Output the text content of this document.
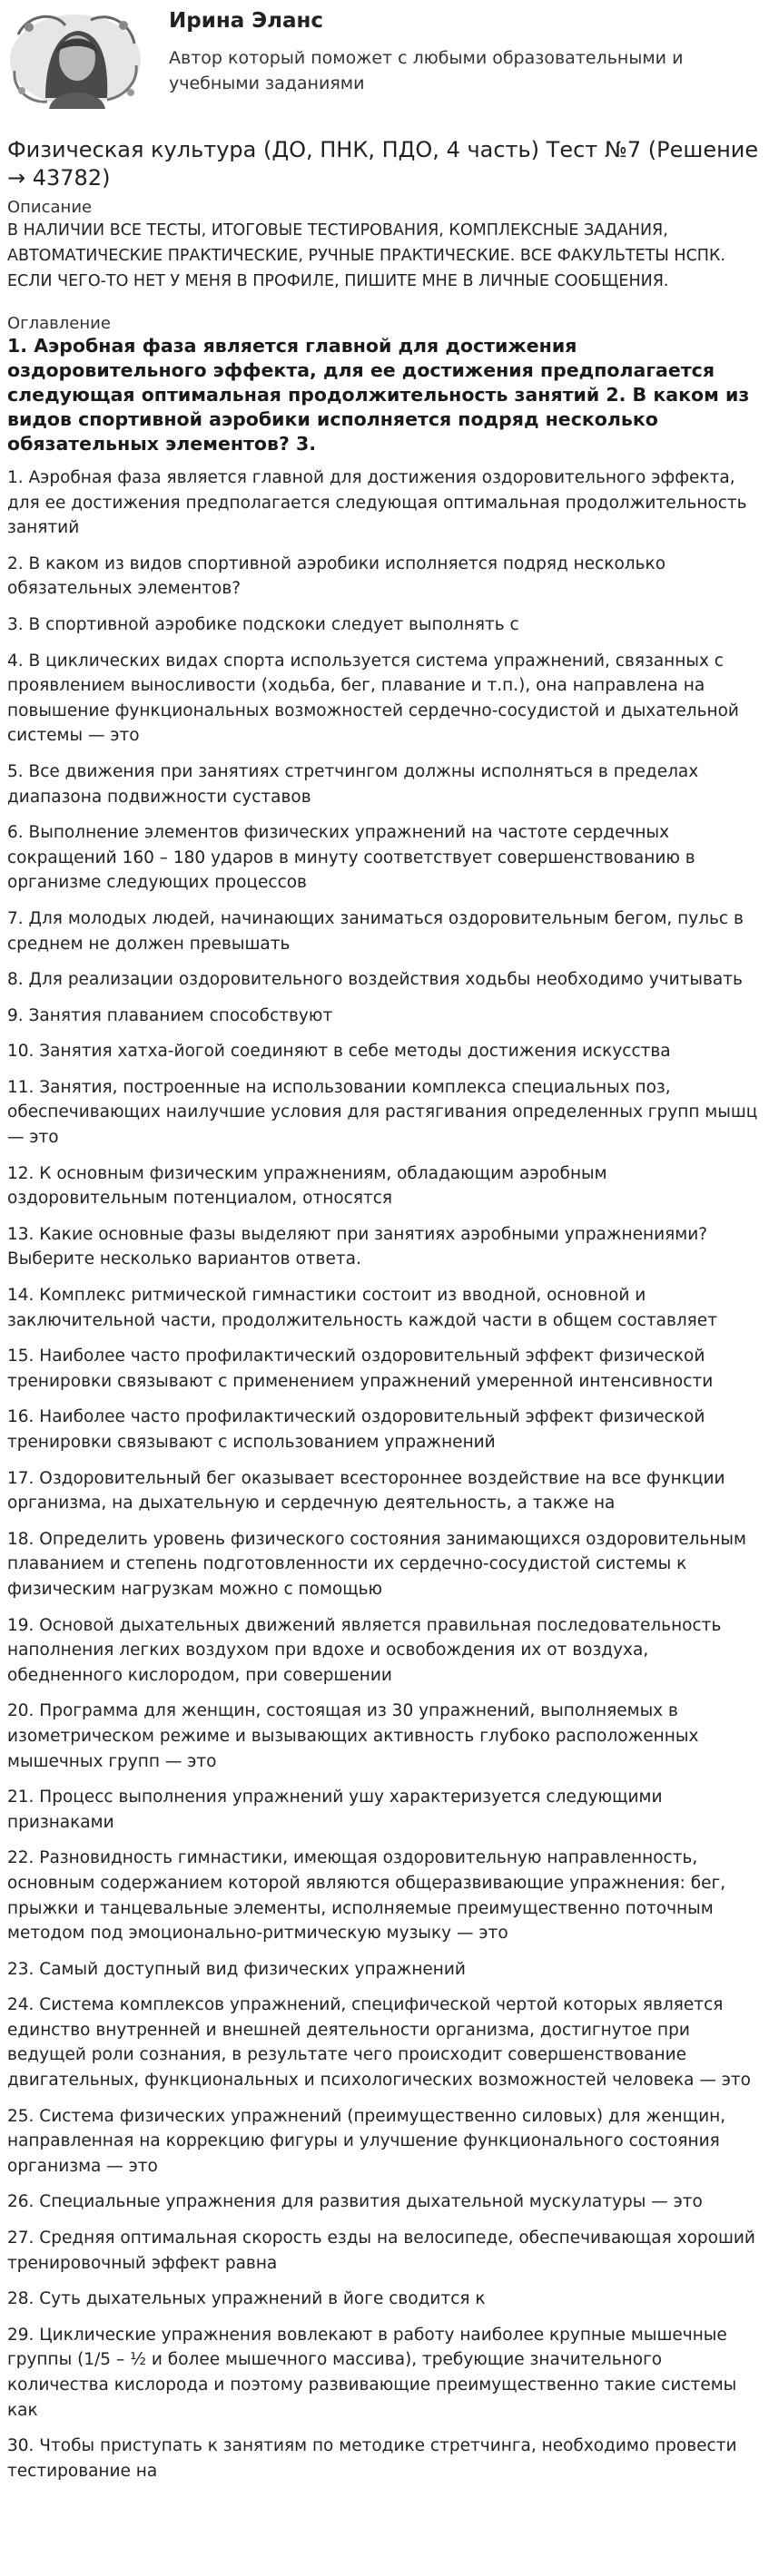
Ирина Эланс

Автор который поможет с любыми образовательными и учебными заданиями

Физическая культура (ДО, ПНК, ПДО, 4 часть) Тест №7 (Решение → 43782)

Описание

В НАЛИЧИИ ВСЕ ТЕСТЫ, ИТОГОВЫЕ ТЕСТИРОВАНИЯ, КОМПЛЕКСНЫЕ ЗАДАНИЯ, АВТОМАТИЧЕСКИЕ ПРАКТИЧЕСКИЕ, РУЧНЫЕ ПРАКТИЧЕСКИЕ. ВСЕ ФАКУЛЬТЕТЫ НСПК. ЕСЛИ ЧЕГО-ТО НЕТ У МЕНЯ В ПРОФИЛЕ, ПИШИТЕ МНЕ В ЛИЧНЫЕ СООБЩЕНИЯ.

Оглавление

1. Аэробная фаза является главной для достижения оздоровительного эффекта, для ее достижения предполагается следующая оптимальная продолжительность занятий 2. В каком из видов спортивной аэробики исполняется подряд несколько обязательных элементов? 3.
1. Аэробная фаза является главной для достижения оздоровительного эффекта, для ее достижения предполагается следующая оптимальная продолжительность занятий
2. В каком из видов спортивной аэробики исполняется подряд несколько обязательных элементов?
3. В спортивной аэробике подскоки следует выполнять с
4. В циклических видах спорта используется система упражнений, связанных с проявлением выносливости (ходьба, бег, плавание и т.п.), она направлена на повышение функциональных возможностей сердечно-сосудистой и дыхательной системы — это
5. Все движения при занятиях стретчингом должны исполняться в пределах диапазона подвижности суставов
6. Выполнение элементов физических упражнений на частоте сердечных сокращений 160 – 180 ударов в минуту соответствует совершенствованию в организме следующих процессов
7. Для молодых людей, начинающих заниматься оздоровительным бегом, пульс в среднем не должен превышать
8. Для реализации оздоровительного воздействия ходьбы необходимо учитывать
9. Занятия плаванием способствуют
10. Занятия хатха-йогой соединяют в себе методы достижения искусства
11. Занятия, построенные на использовании комплекса специальных поз, обеспечивающих наилучшие условия для растягивания определенных групп мышц — это
12. К основным физическим упражнениям, обладающим аэробным оздоровительным потенциалом, относятся
13. Какие основные фазы выделяют при занятиях аэробными упражнениями? Выберите несколько вариантов ответа.
14. Комплекс ритмической гимнастики состоит из вводной, основной и заключительной части, продолжительность каждой части в общем составляет
15. Наиболее часто профилактический оздоровительный эффект физической тренировки связывают с применением упражнений умеренной интенсивности
16. Наиболее часто профилактический оздоровительный эффект физической тренировки связывают с использованием упражнений
17. Оздоровительный бег оказывает всестороннее воздействие на все функции организма, на дыхательную и сердечную деятельность, а также на
18. Определить уровень физического состояния занимающихся оздоровительным плаванием и степень подготовленности их сердечно-сосудистой системы к физическим нагрузкам можно с помощью
19. Основой дыхательных движений является правильная последовательность наполнения легких воздухом при вдохе и освобождения их от воздуха, обедненного кислородом, при совершении
20. Программа для женщин, состоящая из 30 упражнений, выполняемых в изометрическом режиме и вызывающих активность глубоко расположенных мышечных групп — это
21. Процесс выполнения упражнений ушу характеризуется следующими признаками
22. Разновидность гимнастики, имеющая оздоровительную направленность, основным содержанием которой являются общеразвивающие упражнения: бег, прыжки и танцевальные элементы, исполняемые преимущественно поточным методом под эмоционально-ритмическую музыку — это
23. Самый доступный вид физических упражнений
24. Система комплексов упражнений, специфической чертой которых является единство внутренней и внешней деятельности организма, достигнутое при ведущей роли сознания, в результате чего происходит совершенствование двигательных, функциональных и психологических возможностей человека — это
25. Система физических упражнений (преимущественно силовых) для женщин, направленная на коррекцию фигуры и улучшение функционального состояния организма — это
26. Специальные упражнения для развития дыхательной мускулатуры — это
27. Средняя оптимальная скорость езды на велосипеде, обеспечивающая хороший тренировочный эффект равна
28. Суть дыхательных упражнений в йоге сводится к
29. Циклические упражнения вовлекают в работу наиболее крупные мышечные группы (1/5 – ½ и более мышечного массива), требующие значительного количества кислорода и поэтому развивающие преимущественно такие системы как
30. Чтобы приступать к занятиям по методике стретчинга, необходимо провести тестирование на
